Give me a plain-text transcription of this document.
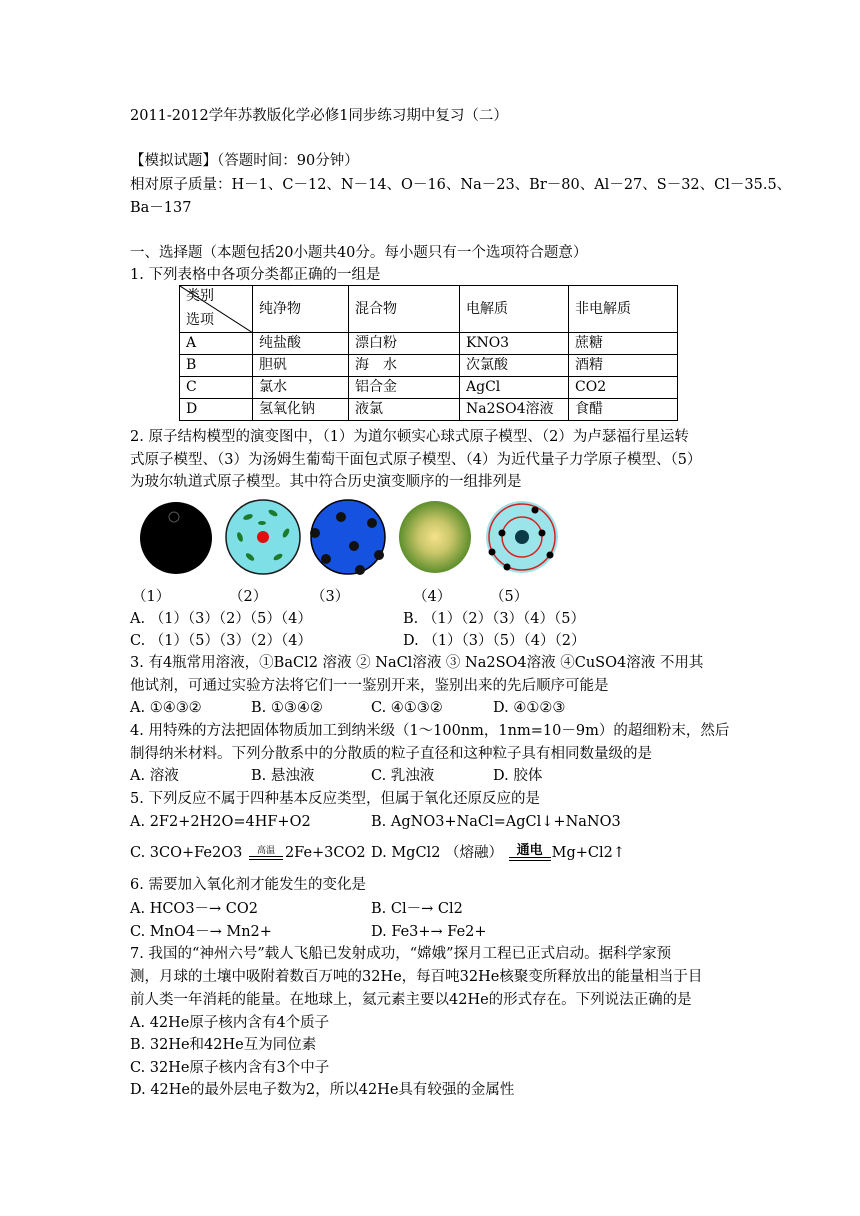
2011-2012学年苏教版化学必修1同步练习期中复习（二）
【模拟试题】（答题时间：90分钟）
相对原子质量：H－1、C－12、N－14、O－16、Na－23、Br－80、Al－27、S－32、Cl－35.5、
Ba－137
一、选择题（本题包括20小题共40分。每小题只有一个选项符合题意）
1. 下列表格中各项分类都正确的一组是
类别
选项	纯净物	混合物	电解质	非电解质
A	纯盐酸	漂白粉	KNO3	蔗糖
B	胆矾	海　水	次氯酸	酒精
C	氯水	铝合金	AgCl	CO2
D	氢氧化钠	液氯	Na2SO4溶液	食醋
2. 原子结构模型的演变图中，（1）为道尔顿实心球式原子模型、（2）为卢瑟福行星运转
式原子模型、（3）为汤姆生葡萄干面包式原子模型、（4）为近代量子力学原子模型、（5）
为玻尔轨道式原子模型。其中符合历史演变顺序的一组排列是
（1）	（2）	（3）	（4）	（5）
A. （1）（3）（2）（5）（4）	B. （1）（2）（3）（4）（5）
C. （1）（5）（3）（2）（4）	D. （1）（3）（5）（4）（2）
3. 有4瓶常用溶液，①BaCl2 溶液 ② NaCl溶液 ③ Na2SO4溶液 ④CuSO4溶液 不用其
他试剂，可通过实验方法将它们一一鉴别开来，鉴别出来的先后顺序可能是
A. ①④③②	B. ①③④②	C. ④①③②	D. ④①②③
4. 用特殊的方法把固体物质加工到纳米级（1～100nm，1nm=10－9m）的超细粉末，然后
制得纳米材料。下列分散系中的分散质的粒子直径和这种粒子具有相同数量级的是
A. 溶液	B. 悬浊液	C. 乳浊液	D. 胶体
5. 下列反应不属于四种基本反应类型，但属于氧化还原反应的是
A. 2F2+2H2O=4HF+O2	B. AgNO3+NaCl=AgCl↓+NaNO3
C. 3CO+Fe2O3	高温 2Fe+3CO2 D. MgCl2 （熔融）	通电 Mg+Cl2↑
6. 需要加入氧化剂才能发生的变化是
A. HCO3－→ CO2	B. Cl－→ Cl2
C. MnO4－→ Mn2+	D. Fe3+→ Fe2+
7. 我国的“神州六号”载人飞船已发射成功，“嫦娥”探月工程已正式启动。据科学家预
测，月球的土壤中吸附着数百万吨的32He，每百吨32He核聚变所释放出的能量相当于目
前人类一年消耗的能量。在地球上，氦元素主要以42He的形式存在。下列说法正确的是
A. 42He原子核内含有4个质子
B. 32He和42He互为同位素
C. 32He原子核内含有3个中子
D. 42He的最外层电子数为2，所以42He具有较强的金属性
